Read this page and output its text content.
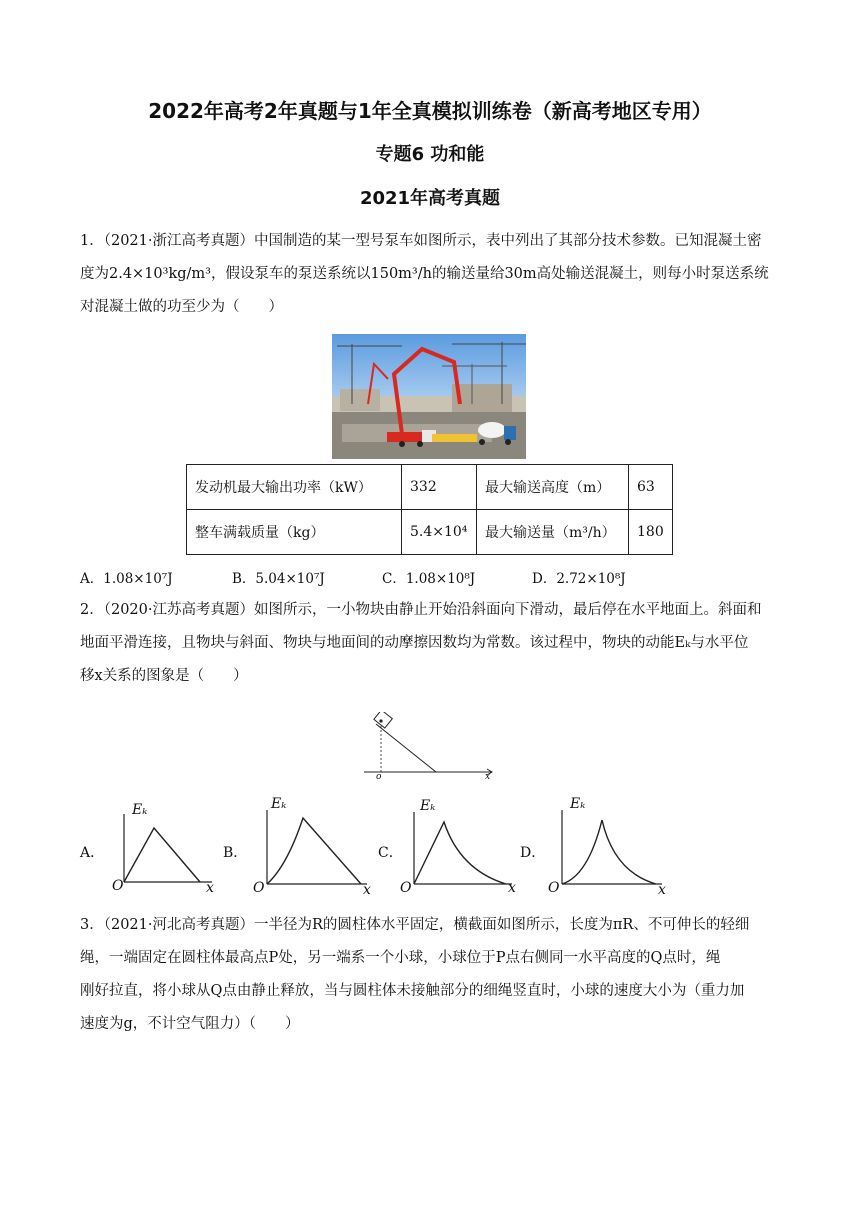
2022年高考2年真题与1年全真模拟训练卷（新高考地区专用）
专题6 功和能
2021年高考真题
1．（2021·浙江高考真题）中国制造的某一型号泵车如图所示，表中列出了其部分技术参数。已知混凝土密
度为2.4×10³kg/m³，假设泵车的泵送系统以150m³/h的输送量给30m高处输送混凝土，则每小时泵送系统
对混凝土做的功至少为（　　）
发动机最大输出功率（kW）	332	最大输送高度（m）	63
整车满载质量（kg）	5.4×10⁴	最大输送量（m³/h）	180
A．1.08×10⁷J	B．5.04×10⁷J	C．1.08×10⁸J	D．2.72×10⁸J
2．（2020·江苏高考真题）如图所示，一小物块由静止开始沿斜面向下滑动，最后停在水平地面上。斜面和
地面平滑连接，且物块与斜面、物块与地面间的动摩擦因数均为常数。该过程中，物块的动能Eₖ与水平位
移x关系的图象是（　　）
o	x
A．	B．	C．	D．
Eₖ
O	x
Eₖ
O	x
Eₖ
O	x
Eₖ
O	x
3．（2021·河北高考真题）一半径为R的圆柱体水平固定，横截面如图所示，长度为πR、不可伸长的轻细
绳，一端固定在圆柱体最高点P处，另一端系一个小球，小球位于P点右侧同一水平高度的Q点时，绳
刚好拉直，将小球从Q点由静止释放，当与圆柱体未接触部分的细绳竖直时，小球的速度大小为（重力加
速度为g，不计空气阻力）（　　）
